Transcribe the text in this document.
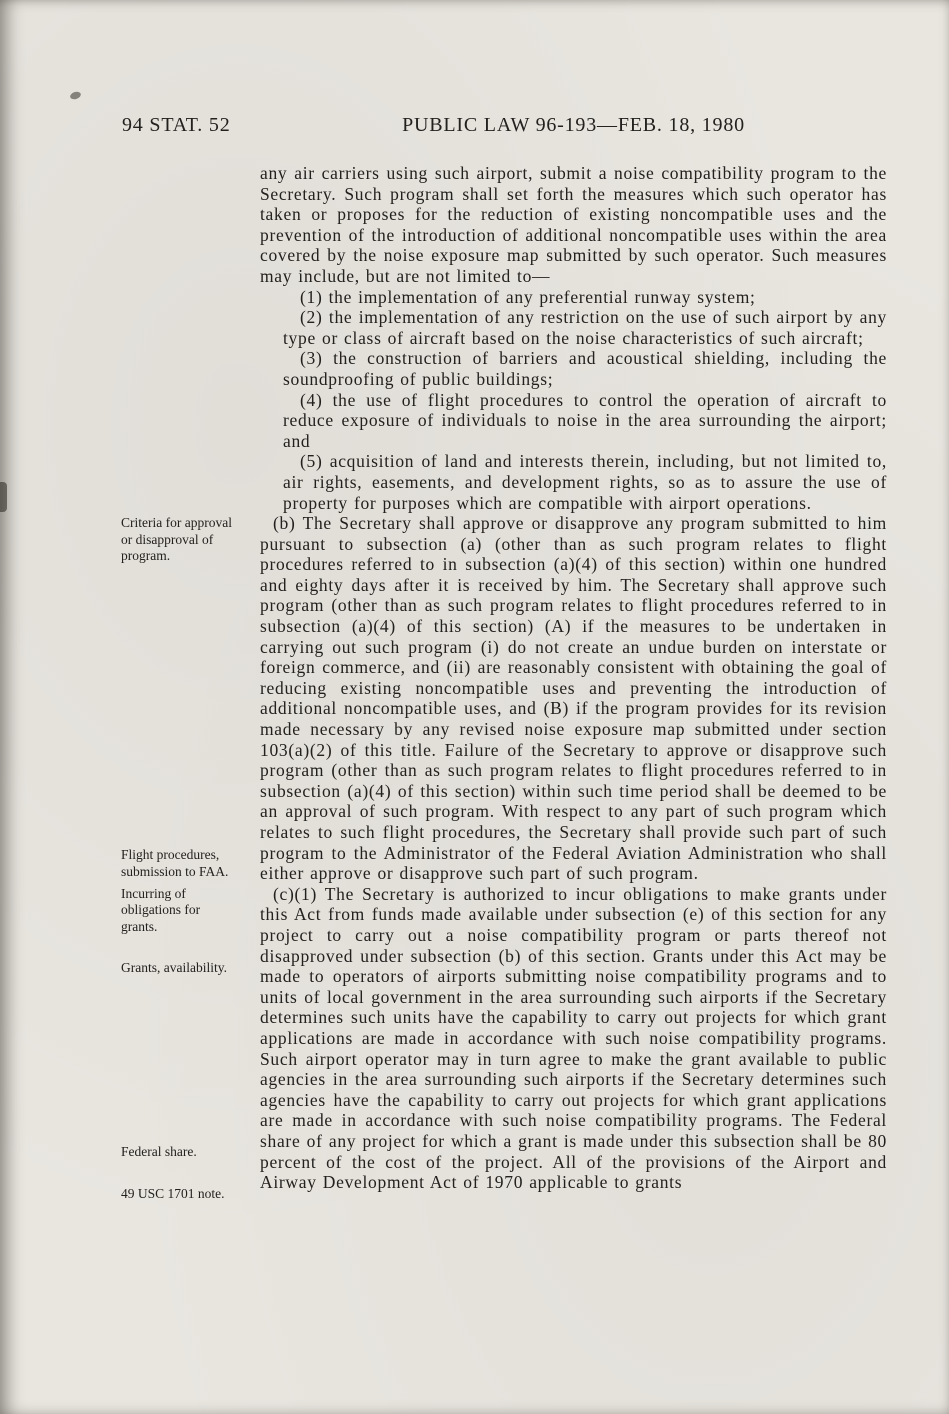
94 STAT. 52	PUBLIC LAW 96-193—FEB. 18, 1980

any air carriers using such airport, submit a noise compatibility program to the Secretary. Such program shall set forth the measures which such operator has taken or proposes for the reduction of existing noncompatible uses and the prevention of the introduction of additional noncompatible uses within the area covered by the noise exposure map submitted by such operator. Such measures may include, but are not limited to—

(1) the implementation of any preferential runway system;

(2) the implementation of any restriction on the use of such airport by any type or class of aircraft based on the noise characteristics of such aircraft;

(3) the construction of barriers and acoustical shielding, including the soundproofing of public buildings;

(4) the use of flight procedures to control the operation of aircraft to reduce exposure of individuals to noise in the area surrounding the airport; and

(5) acquisition of land and interests therein, including, but not limited to, air rights, easements, and development rights, so as to assure the use of property for purposes which are compatible with airport operations.

Criteria for approval or disapproval of program.
Flight procedures, submission to FAA.
(b) The Secretary shall approve or disapprove any program submitted to him pursuant to subsection (a) (other than as such program relates to flight procedures referred to in subsection (a)(4) of this section) within one hundred and eighty days after it is received by him. The Secretary shall approve such program (other than as such program relates to flight procedures referred to in subsection (a)(4) of this section) (A) if the measures to be undertaken in carrying out such program (i) do not create an undue burden on interstate or foreign commerce, and (ii) are reasonably consistent with obtaining the goal of reducing existing noncompatible uses and preventing the introduction of additional noncompatible uses, and (B) if the program provides for its revision made necessary by any revised noise exposure map submitted under section 103(a)(2) of this title. Failure of the Secretary to approve or disapprove such program (other than as such program relates to flight procedures referred to in subsection (a)(4) of this section) within such time period shall be deemed to be an approval of such program. With respect to any part of such program which relates to such flight procedures, the Secretary shall provide such part of such program to the Administrator of the Federal Aviation Administration who shall either approve or disapprove such part of such program.

Incurring of obligations for grants.
Grants, availability.
Federal share.
49 USC 1701 note.
(c)(1) The Secretary is authorized to incur obligations to make grants under this Act from funds made available under subsection (e) of this section for any project to carry out a noise compatibility program or parts thereof not disapproved under subsection (b) of this section. Grants under this Act may be made to operators of airports submitting noise compatibility programs and to units of local government in the area surrounding such airports if the Secretary determines such units have the capability to carry out projects for which grant applications are made in accordance with such noise compatibility programs. Such airport operator may in turn agree to make the grant available to public agencies in the area surrounding such airports if the Secretary determines such agencies have the capability to carry out projects for which grant applications are made in accordance with such noise compatibility programs. The Federal share of any project for which a grant is made under this subsection shall be 80 percent of the cost of the project. All of the provisions of the Airport and Airway Development Act of 1970 applicable to grants
